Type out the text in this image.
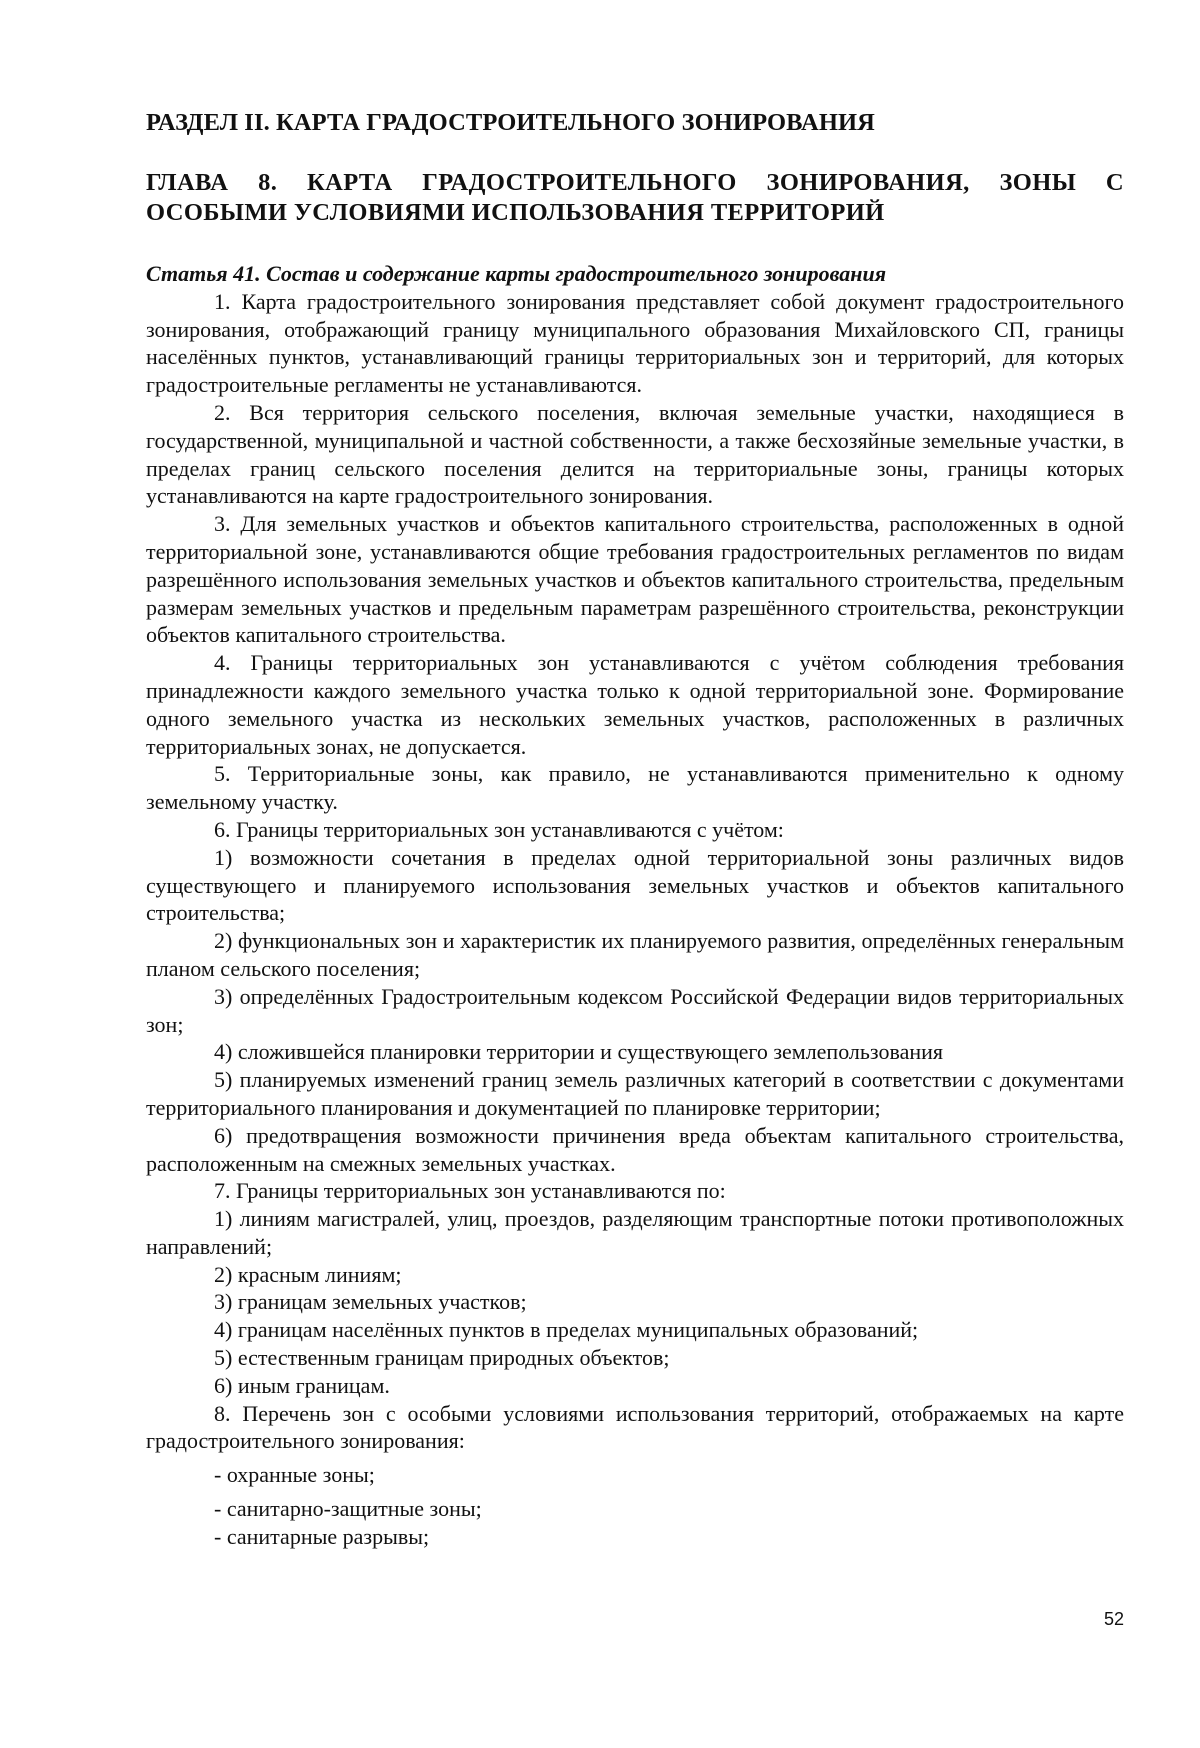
РАЗДЕЛ II. КАРТА ГРАДОСТРОИТЕЛЬНОГО ЗОНИРОВАНИЯ
ГЛАВА 8. КАРТА ГРАДОСТРОИТЕЛЬНОГО ЗОНИРОВАНИЯ, ЗОНЫ С ОСОБЫМИ УСЛОВИЯМИ ИСПОЛЬЗОВАНИЯ ТЕРРИТОРИЙ
Статья 41. Состав и содержание карты градостроительного зонирования

1. Карта градостроительного зонирования представляет собой документ градостроительного зонирования, отображающий границу муниципального образования Михайловского СП, границы населённых пунктов, устанавливающий границы территориальных зон и территорий, для которых градостроительные регламенты не устанавливаются.

2. Вся территория сельского поселения, включая земельные участки, находящиеся в государственной, муниципальной и частной собственности, а также бесхозяйные земельные участки, в пределах границ сельского поселения делится на территориальные зоны, границы которых устанавливаются на карте градостроительного зонирования.

3. Для земельных участков и объектов капитального строительства, расположенных в одной территориальной зоне, устанавливаются общие требования градостроительных регламентов по видам разрешённого использования земельных участков и объектов капитального строительства, предельным размерам земельных участков и предельным параметрам разрешённого строительства, реконструкции объектов капитального строительства.

4. Границы территориальных зон устанавливаются с учётом соблюдения требования принадлежности каждого земельного участка только к одной территориальной зоне. Формирование одного земельного участка из нескольких земельных участков, расположенных в различных территориальных зонах, не допускается.

5. Территориальные зоны, как правило, не устанавливаются применительно к одному земельному участку.

6. Границы территориальных зон устанавливаются с учётом:

1) возможности сочетания в пределах одной территориальной зоны различных видов существующего и планируемого использования земельных участков и объектов капитального строительства;

2) функциональных зон и характеристик их планируемого развития, определённых генеральным планом сельского поселения;

3) определённых Градостроительным кодексом Российской Федерации видов территориальных зон;

4) сложившейся планировки территории и существующего землепользования

5) планируемых изменений границ земель различных категорий в соответствии с документами территориального планирования и документацией по планировке территории;

6) предотвращения возможности причинения вреда объектам капитального строительства, расположенным на смежных земельных участках.

7. Границы территориальных зон устанавливаются по:

1) линиям магистралей, улиц, проездов, разделяющим транспортные потоки противоположных направлений;

2) красным линиям;

3) границам земельных участков;

4) границам населённых пунктов в пределах муниципальных образований;

5) естественным границам природных объектов;

6) иным границам.

8. Перечень зон с особыми условиями использования территорий, отображаемых на карте градостроительного зонирования:

- охранные зоны;

- санитарно-защитные зоны;

- санитарные разрывы;

52
